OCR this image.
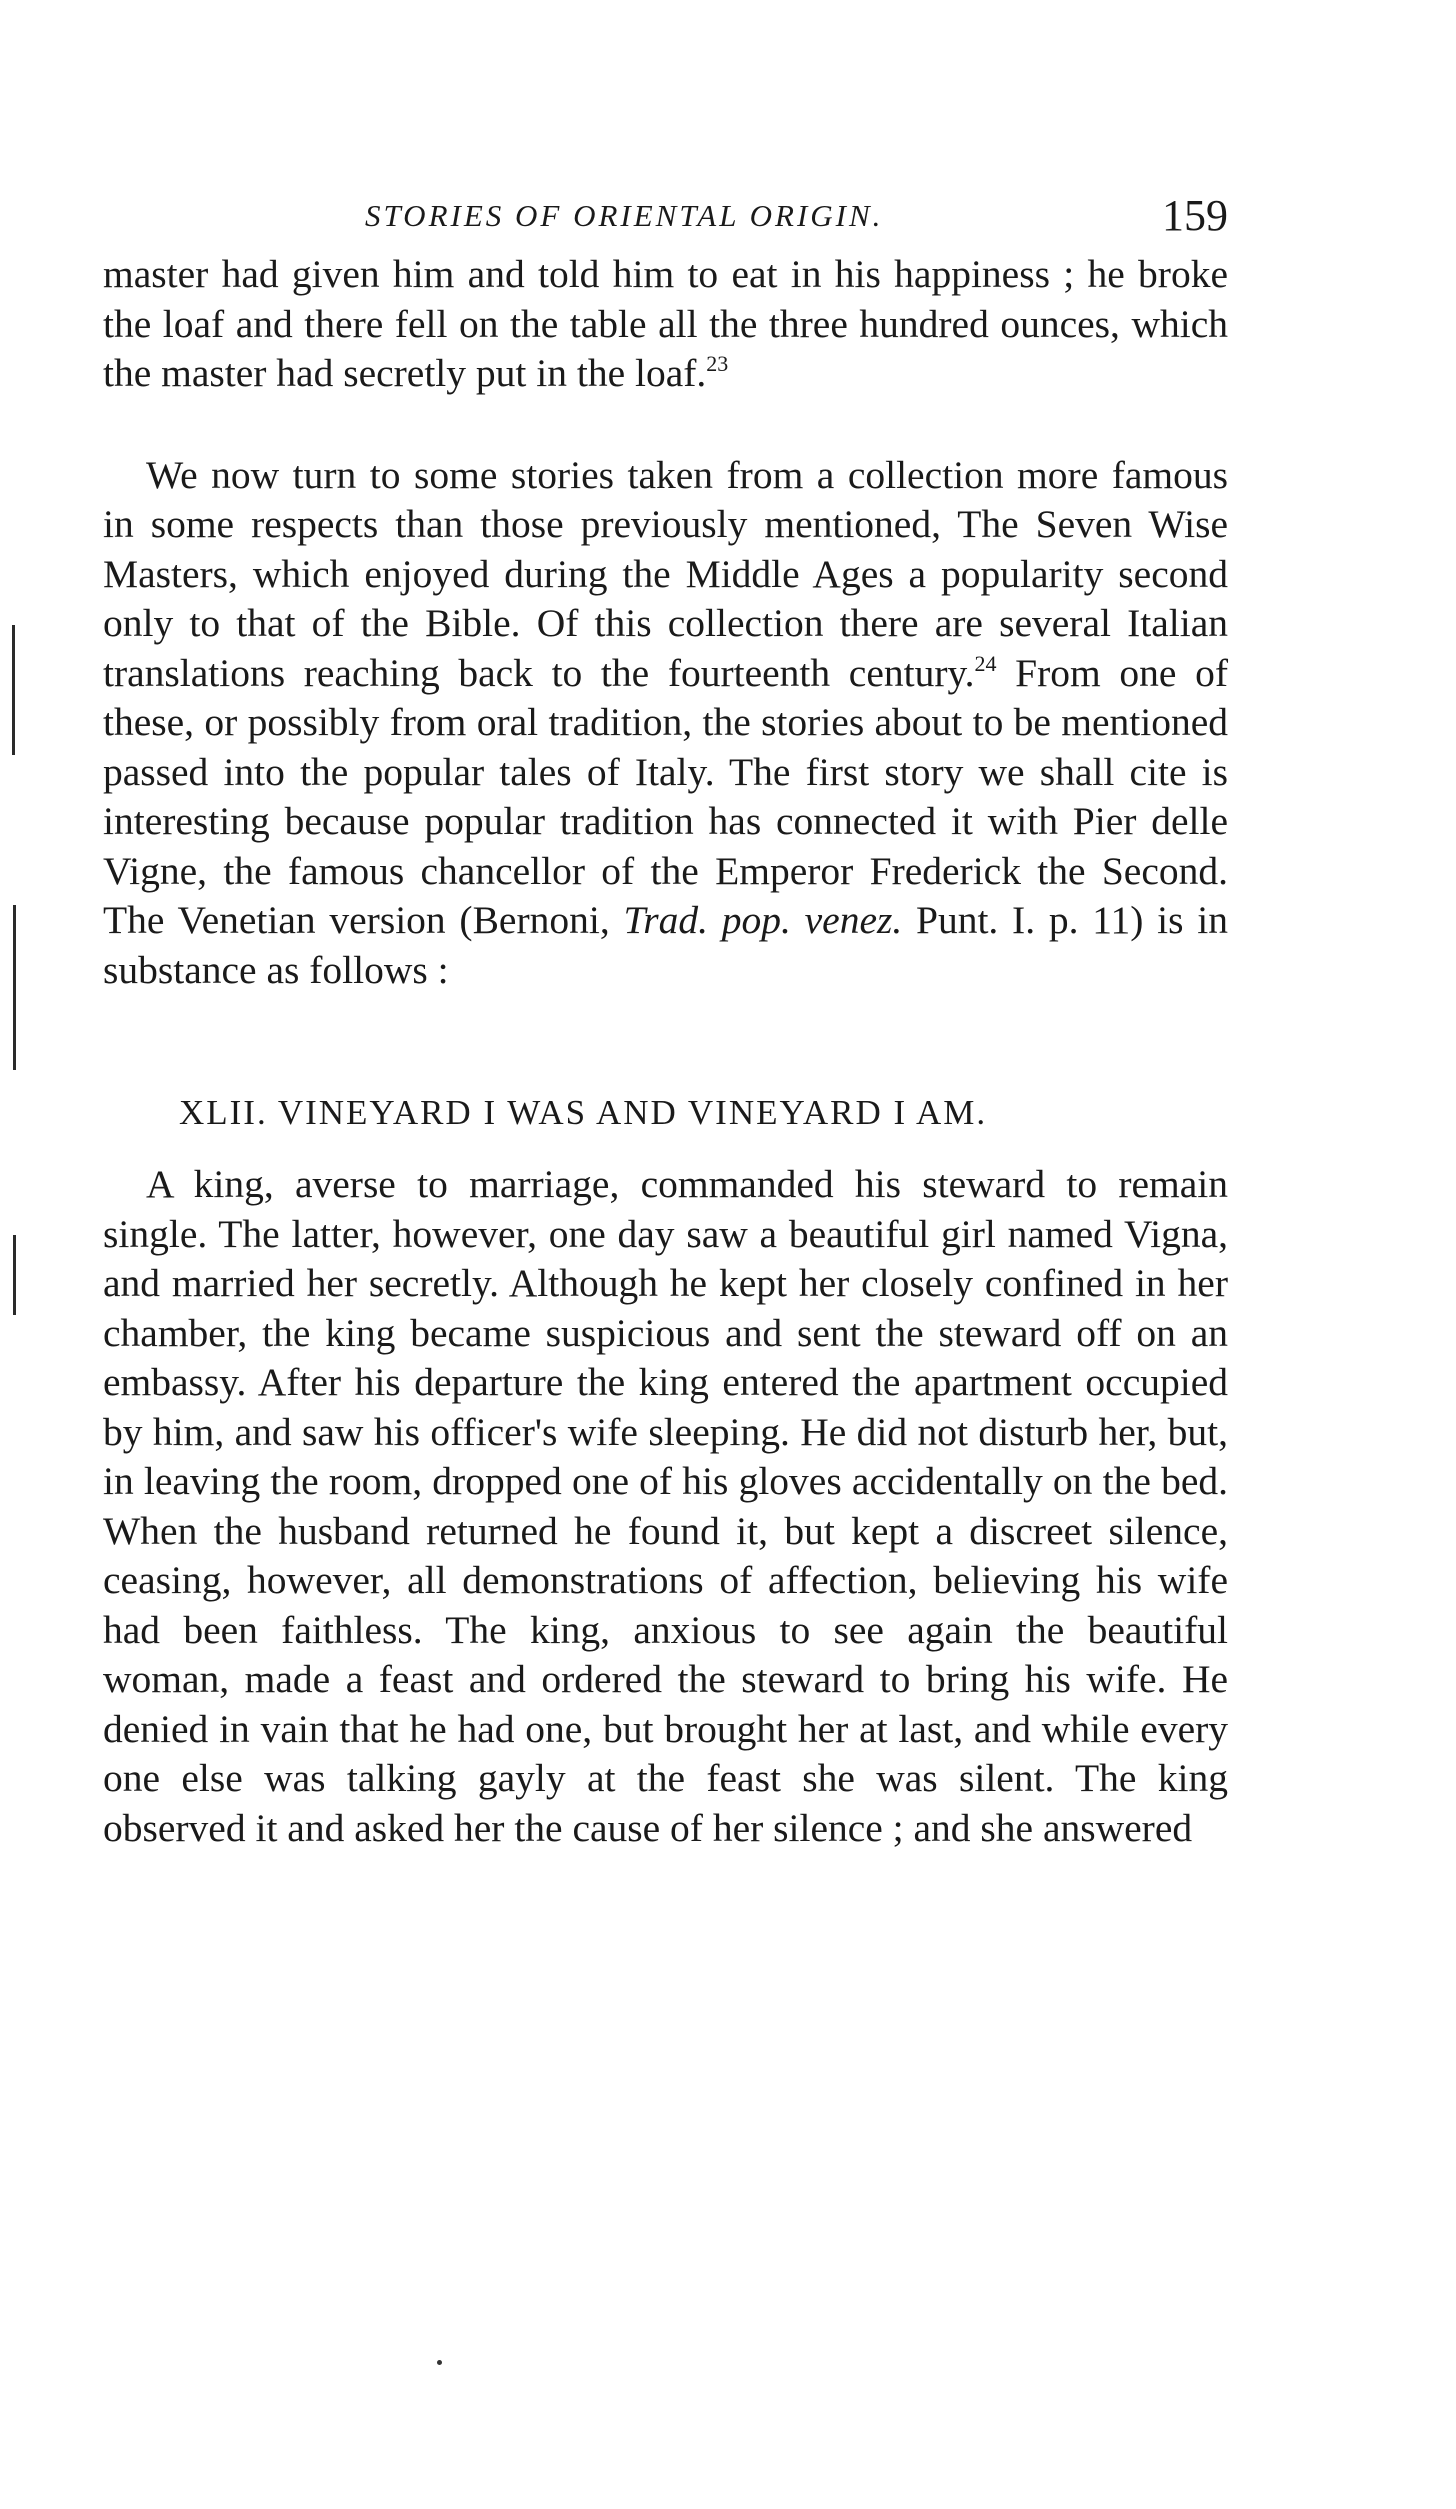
STORIES OF ORIENTAL ORIGIN.	159

master had given him and told him to eat in his happiness ; he broke the loaf and there fell on the table all the three hundred ounces, which the master had secretly put in the loaf.$^{23}$

We now turn to some stories taken from a collection more famous in some respects than those previously mentioned, The Seven Wise Masters, which enjoyed during the Middle Ages a popularity second only to that of the Bible. Of this collection there are several Italian translations reaching back to the fourteenth century.$^{24}$ From one of these, or possibly from oral tradition, the stories about to be mentioned passed into the popular tales of Italy. The first story we shall cite is interesting because popular tradition has connected it with Pier delle Vigne, the famous chancellor of the Emperor Frederick the Second. The Venetian version (Bernoni, Trad. pop. venez. Punt. I. p. 11) is in substance as follows :

XLII. VINEYARD I WAS AND VINEYARD I AM.

A king, averse to marriage, commanded his steward to remain single. The latter, however, one day saw a beautiful girl named Vigna, and married her secretly. Although he kept her closely confined in her chamber, the king became suspicious and sent the steward off on an embassy. After his departure the king entered the apartment occupied by him, and saw his officer's wife sleeping. He did not disturb her, but, in leaving the room, dropped one of his gloves accidentally on the bed. When the husband returned he found it, but kept a discreet silence, ceasing, however, all demonstrations of affection, believing his wife had been faithless. The king, anxious to see again the beautiful woman, made a feast and ordered the steward to bring his wife. He denied in vain that he had one, but brought her at last, and while every one else was talking gayly at the feast she was silent. The king observed it and asked her the cause of her silence ; and she answered
